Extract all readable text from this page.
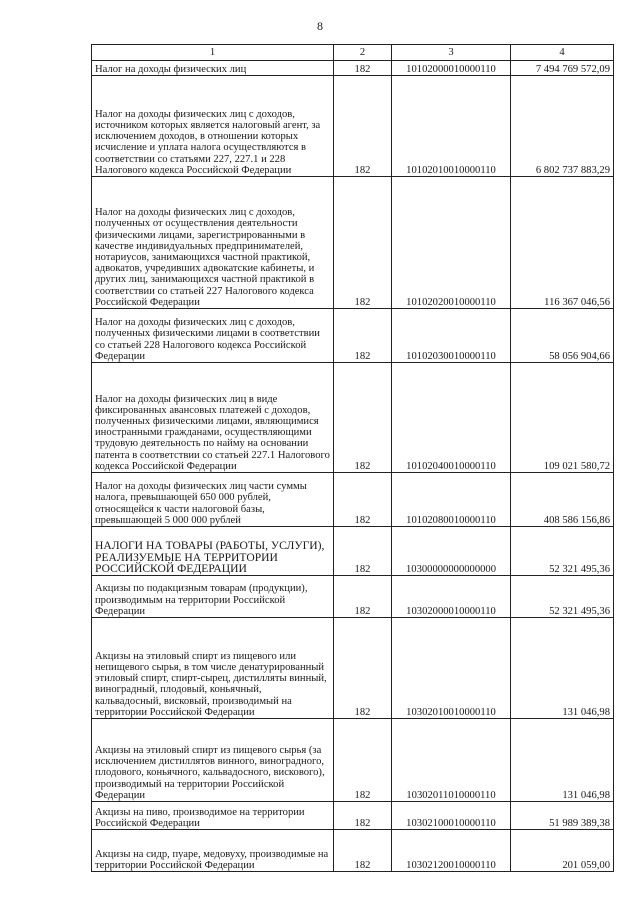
8
1	2	3	4
Налог на доходы физических лиц	182	10102000010000110	7 494 769 572,09
Налог на доходы физических лиц с доходов, источником которых является налоговый агент, за исключением доходов, в отношении которых исчисление и уплата налога осуществляются в соответствии со статьями 227, 227.1 и 228 Налогового кодекса Российской Федерации	182	10102010010000110	6 802 737 883,29
Налог на доходы физических лиц с доходов, полученных от осуществления деятельности физическими лицами, зарегистрированными в качестве индивидуальных предпринимателей, нотариусов, занимающихся частной практикой, адвокатов, учредивших адвокатские кабинеты, и других лиц, занимающихся частной практикой в соответствии со статьей 227 Налогового кодекса Российской Федерации	182	10102020010000110	116 367 046,56
Налог на доходы физических лиц с доходов, полученных физическими лицами в соответствии со статьей 228 Налогового кодекса Российской Федерации	182	10102030010000110	58 056 904,66
Налог на доходы физических лиц в виде фиксированных авансовых платежей с доходов, полученных физическими лицами, являющимися иностранными гражданами, осуществляющими трудовую деятельность по найму на основании патента в соответствии со статьей 227.1 Налогового кодекса Российской Федерации	182	10102040010000110	109 021 580,72
Налог на доходы физических лиц части суммы налога, превышающей 650 000 рублей, относящейся к части налоговой базы, превышающей 5 000 000 рублей	182	10102080010000110	408 586 156,86
НАЛОГИ НА ТОВАРЫ (РАБОТЫ, УСЛУГИ), РЕАЛИЗУЕМЫЕ НА ТЕРРИТОРИИ РОССИЙСКОЙ ФЕДЕРАЦИИ	182	10300000000000000	52 321 495,36
Акцизы по подакцизным товарам (продукции), производимым на территории Российской Федерации	182	10302000010000110	52 321 495,36
Акцизы на этиловый спирт из пищевого или непищевого сырья, в том числе денатурированный этиловый спирт, спирт-сырец, дистилляты винный, виноградный, плодовый, коньячный, кальвадосный, висковый, производимый на территории Российской Федерации	182	10302010010000110	131 046,98
Акцизы на этиловый спирт из пищевого сырья (за исключением дистиллятов винного, виноградного, плодового, коньячного, кальвадосного, вискового), производимый на территории Российской Федерации	182	10302011010000110	131 046,98
Акцизы на пиво, производимое на территории Российской Федерации	182	10302100010000110	51 989 389,38
Акцизы на сидр, пуаре, медовуху, производимые на территории Российской Федерации	182	10302120010000110	201 059,00
